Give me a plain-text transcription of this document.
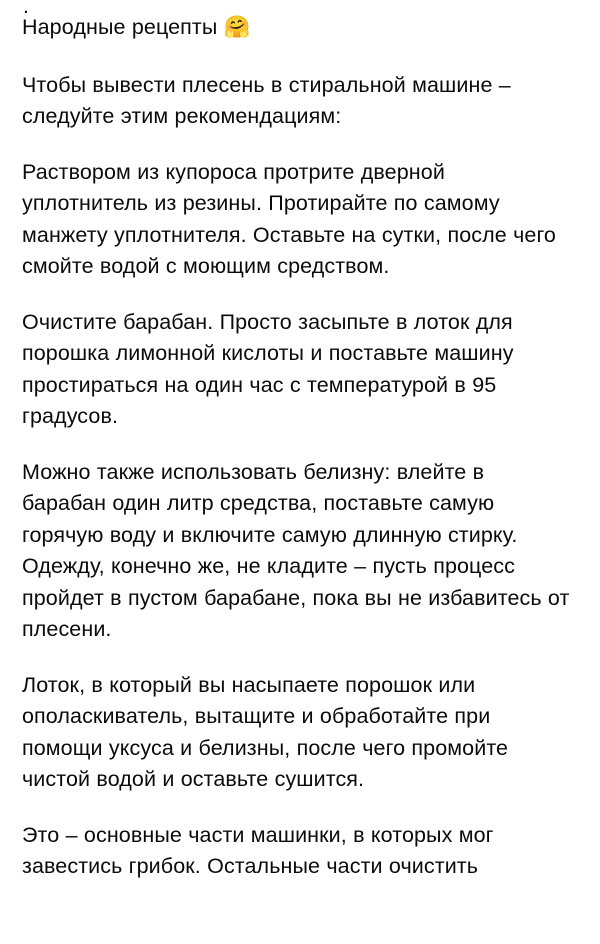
.

Народные рецепты 🤗

Чтобы вывести плесень в стиральной машине – следуйте этим рекомендациям:

Раствором из купороса протрите дверной уплотнитель из резины. Протирайте по самому манжету уплотнителя. Оставьте на сутки, после чего смойте водой с моющим средством.

Очистите барабан. Просто засыпьте в лоток для порошка лимонной кислоты и поставьте машину простираться на один час с температурой в 95 градусов.

Можно также использовать белизну: влейте в барабан один литр средства, поставьте самую горячую воду и включите самую длинную стирку. Одежду, конечно же, не кладите – пусть процесс пройдет в пустом барабане, пока вы не избавитесь от плесени.

Лоток, в который вы насыпаете порошок или ополаскиватель, вытащите и обработайте при помощи уксуса и белизны, после чего промойте чистой водой и оставьте сушится.

Это – основные части машинки, в которых мог завестись грибок. Остальные части очистить
